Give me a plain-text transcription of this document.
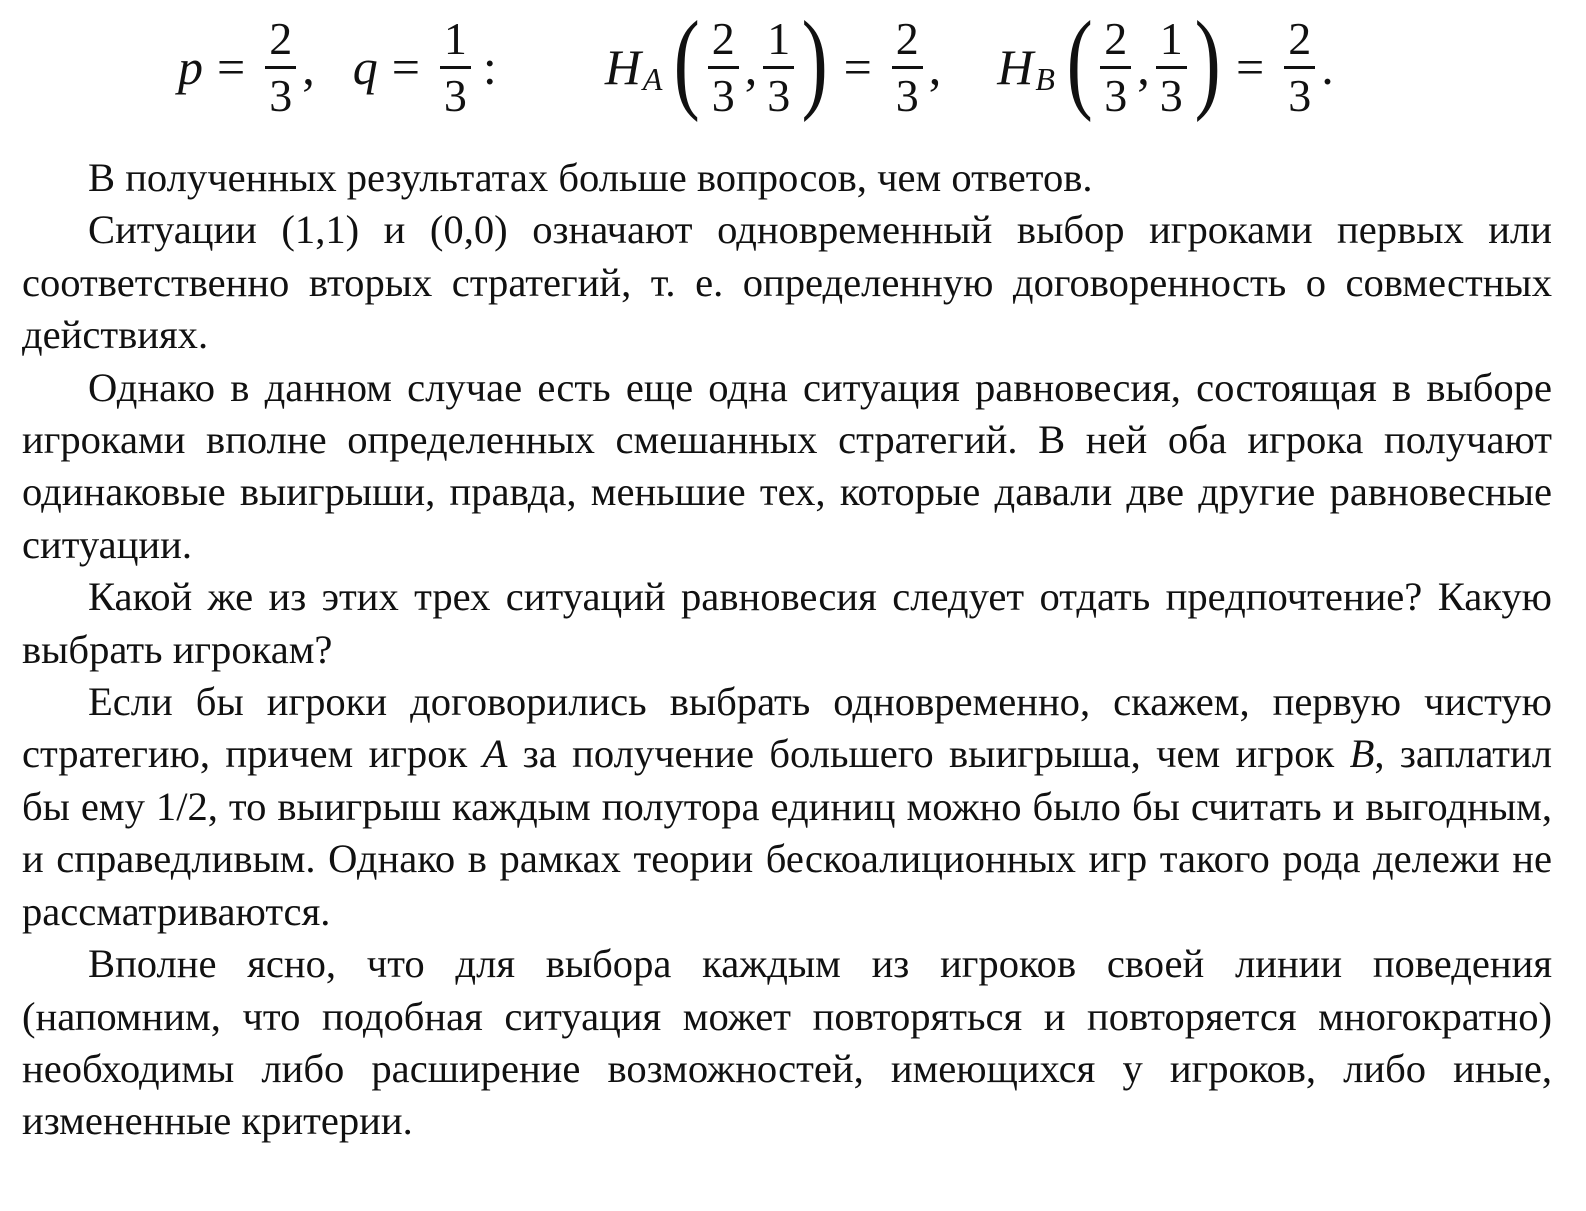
$p = \frac{2}{3}$ , $q = \frac{1}{3}$ : H A ( $\frac{2}{3}$ , $\frac{1}{3}$ ) = $\frac{2}{3}$ , H B ( $\frac{2}{3}$ , $\frac{1}{3}$ ) = $\frac{2}{3}$ .

В полученных результатах больше вопросов, чем ответов.

Ситуации (1,1) и (0,0) означают одновременный выбор игроками первых или соответственно вторых стратегий, т. е. определенную договоренность о совместных действиях.

Однако в данном случае есть еще одна ситуация равновесия, состоящая в выборе игроками вполне определенных смешанных стратегий. В ней оба игрока получают одинаковые выигрыши, правда, меньшие тех, которые давали две другие равновесные ситуации.

Какой же из этих трех ситуаций равновесия следует отдать предпочтение? Какую выбрать игрокам?

Если бы игроки договорились выбрать одновременно, скажем, первую чистую стратегию, причем игрок A за получение большего выигрыша, чем игрок B, заплатил бы ему 1/2, то выигрыш каждым полутора единиц можно было бы считать и выгодным, и справедливым. Однако в рамках теории бескоалиционных игр такого рода дележи не рассматриваются.

Вполне ясно, что для выбора каждым из игроков своей линии поведения (напомним, что подобная ситуация может повторяться и повторяется многократно) необходимы либо расширение возможностей, имеющихся у игроков, либо иные, измененные критерии.
